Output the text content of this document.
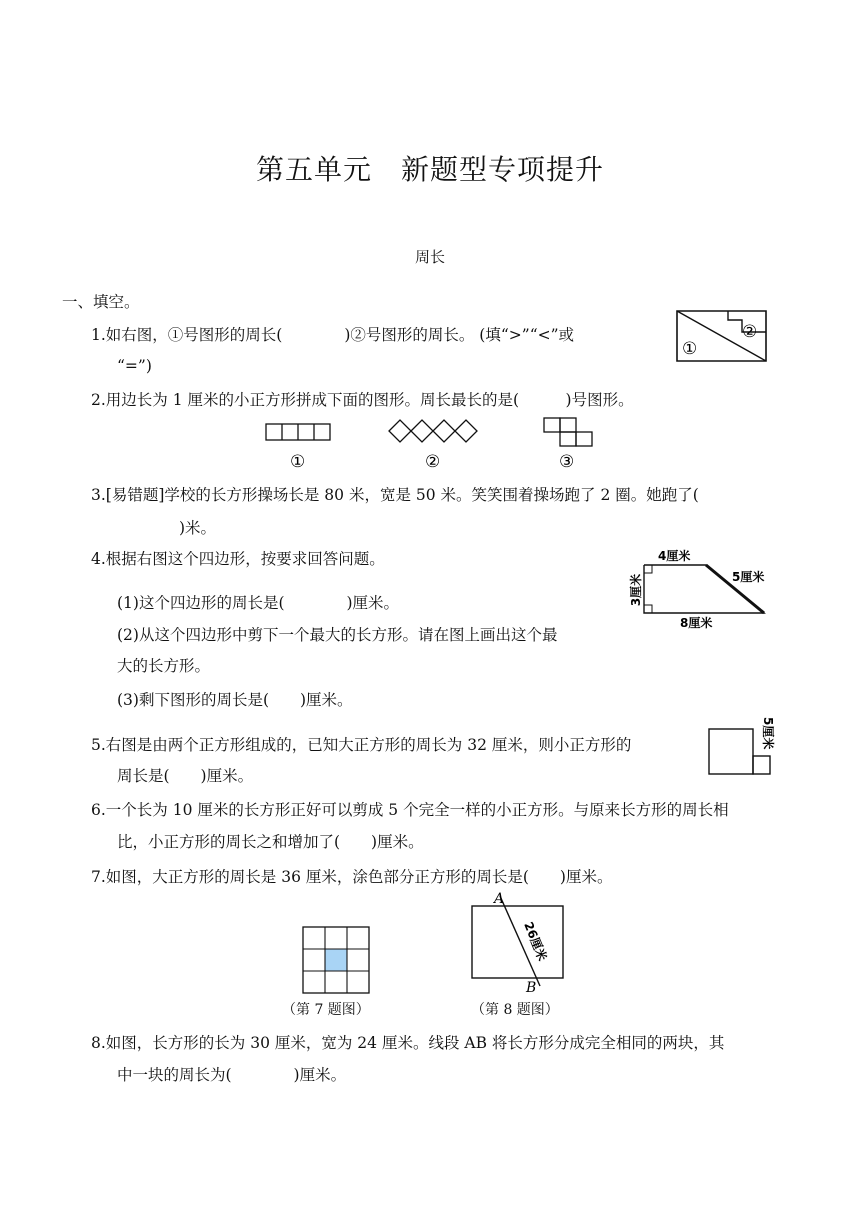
第五单元　新题型专项提升
周长
一、填空。
1.如右图，①号图形的周长(　　　　)②号图形的周长。 (填“>”“<”或
“=”)
①
②
2.用边长为 1 厘米的小正方形拼成下面的图形。周长最长的是(　　　)号图形。
①	②	③
3.[易错题]学校的长方形操场长是 80 米，宽是 50 米。笑笑围着操场跑了 2 圈。她跑了(
　　　　)米。
4.根据右图这个四边形，按要求回答问题。
(1)这个四边形的周长是(　　　　)厘米。
(2)从这个四边形中剪下一个最大的长方形。请在图上画出这个最
大的长方形。
(3)剩下图形的周长是(　　)厘米。
4厘米
5厘米
8厘米
3厘米
5.右图是由两个正方形组成的，已知大正方形的周长为 32 厘米，则小正方形的
周长是(　　)厘米。
5厘米
6.一个长为 10 厘米的长方形正好可以剪成 5 个完全一样的小正方形。与原来长方形的周长相
比，小正方形的周长之和增加了(　　)厘米。
7.如图，大正方形的周长是 36 厘米，涂色部分正方形的周长是(　　)厘米。
（第 7 题图）
A
B
26厘米
（第 8 题图）
8.如图，长方形的长为 30 厘米，宽为 24 厘米。线段 AB 将长方形分成完全相同的两块，其
中一块的周长为(　　　　)厘米。
